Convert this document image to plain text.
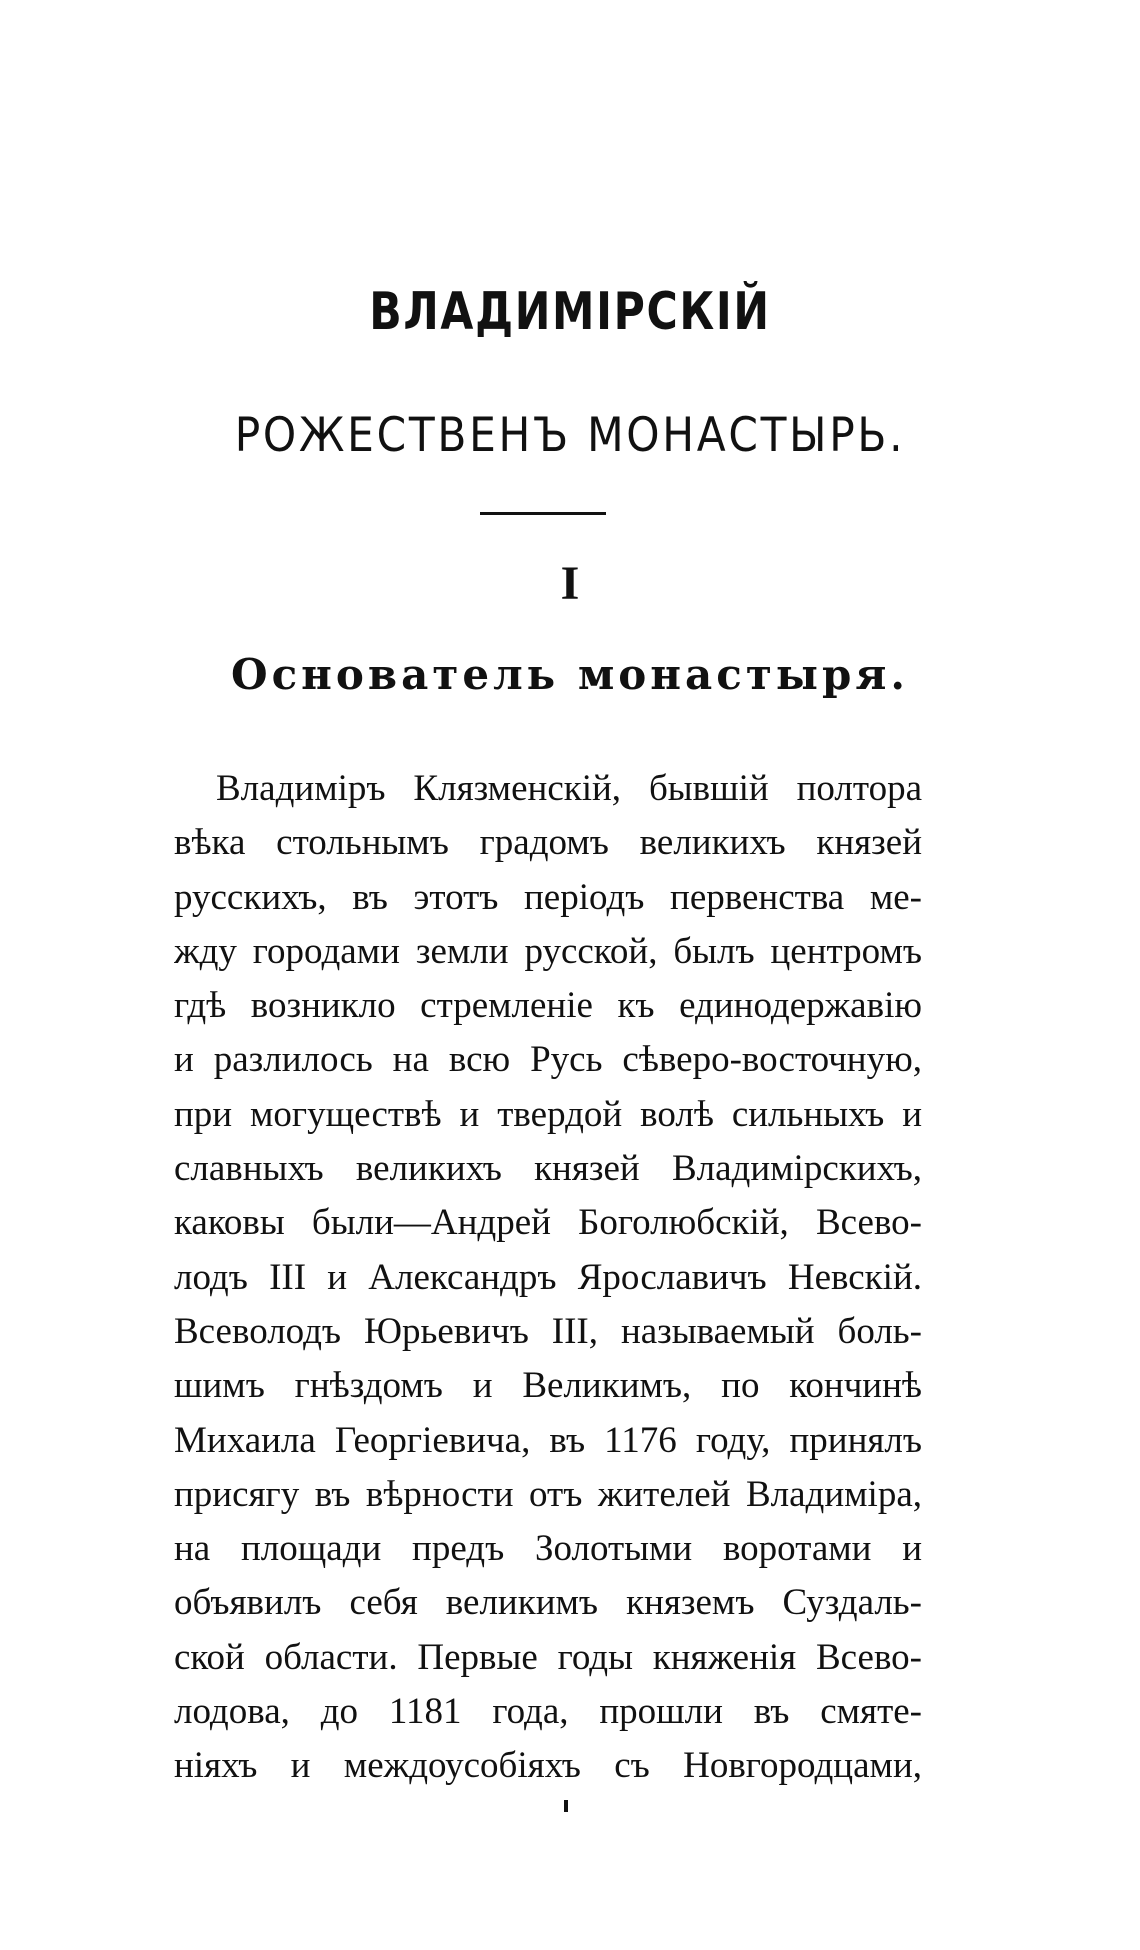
ВЛАДИМІРСКІЙ
РОЖЕСТВЕНЪ МОНАСТЫРЬ.
I
Основатель монастыря.
Владиміръ Клязменскій, бывшій полтора
вѣка стольнымъ градомъ великихъ князей
русскихъ, въ этотъ періодъ первенства ме-
жду городами земли русской, былъ центромъ
гдѣ возникло стремленіе къ единодержавію
и разлилось на всю Русь сѣверо-восточную,
при могуществѣ и твердой волѣ сильныхъ и
славныхъ великихъ князей Владимірскихъ,
каковы были—Андрей Боголюбскій, Всево-
лодъ III и Александръ Ярославичъ Невскій.
Всеволодъ Юрьевичъ III, называемый боль-
шимъ гнѣздомъ и Великимъ, по кончинѣ
Михаила Георгіевича, въ 1176 году, принялъ
присягу въ вѣрности отъ жителей Владиміра,
на площади предъ Золотыми воротами и
объявилъ себя великимъ княземъ Суздаль-
ской области. Первые годы княженія Всево-
лодова, до 1181 года, прошли въ смяте-
ніяхъ и междоусобіяхъ съ Новгородцами,
